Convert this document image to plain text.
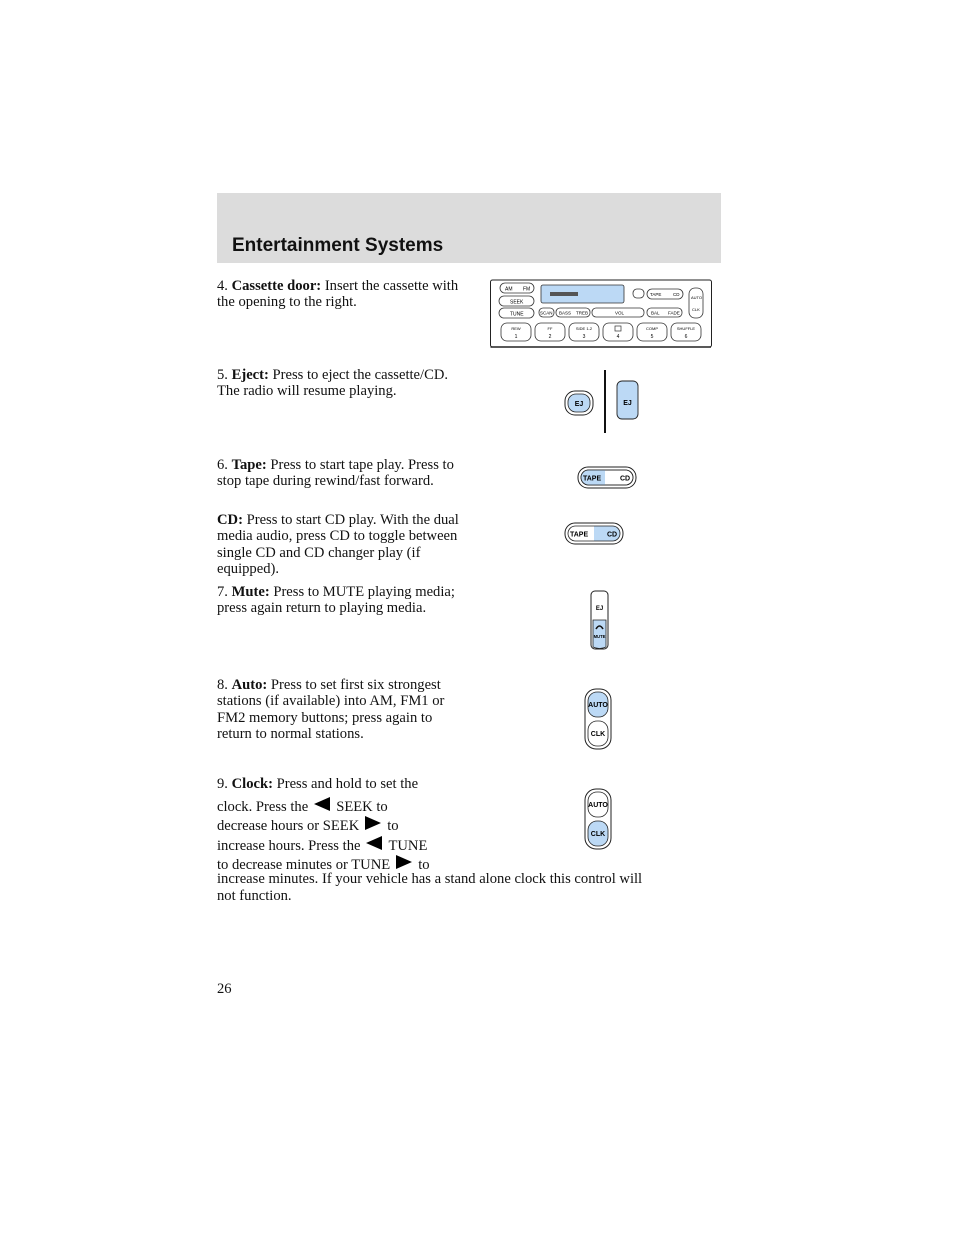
Entertainment Systems
4. Cassette door: Insert the cassette with the opening to the right.
5. Eject: Press to eject the cassette/CD. The radio will resume playing.
6. Tape: Press to start tape play. Press to stop tape during rewind/fast forward.
CD: Press to start CD play. With the dual media audio, press CD to toggle between single CD and CD changer play (if equipped).
7. Mute: Press to MUTE playing media; press again return to playing media.
8. Auto: Press to set first six strongest stations (if available) into AM, FM1 or FM2 memory buttons; press again to return to normal stations.
9. Clock: Press and hold to set the
clock. Press the SEEK to
decrease hours or SEEK to
increase hours. Press the TUNE
to decrease minutes or TUNE to
increase minutes. If your vehicle has a stand alone clock this control will
not function.
AM FM
SEEK
TUNE	SCAN BASS TREB	VOL	BAL FADE
TAPE	CD
AUTO
CLK
REW
1
FF
2
SIDE 1-2
3	4
COMP
5
SHUFFLE
6
EJ	EJ
TAPE	CD
TAPE	CD
EJ
MUTE
AUTO
CLK
AUTO
CLK
26
